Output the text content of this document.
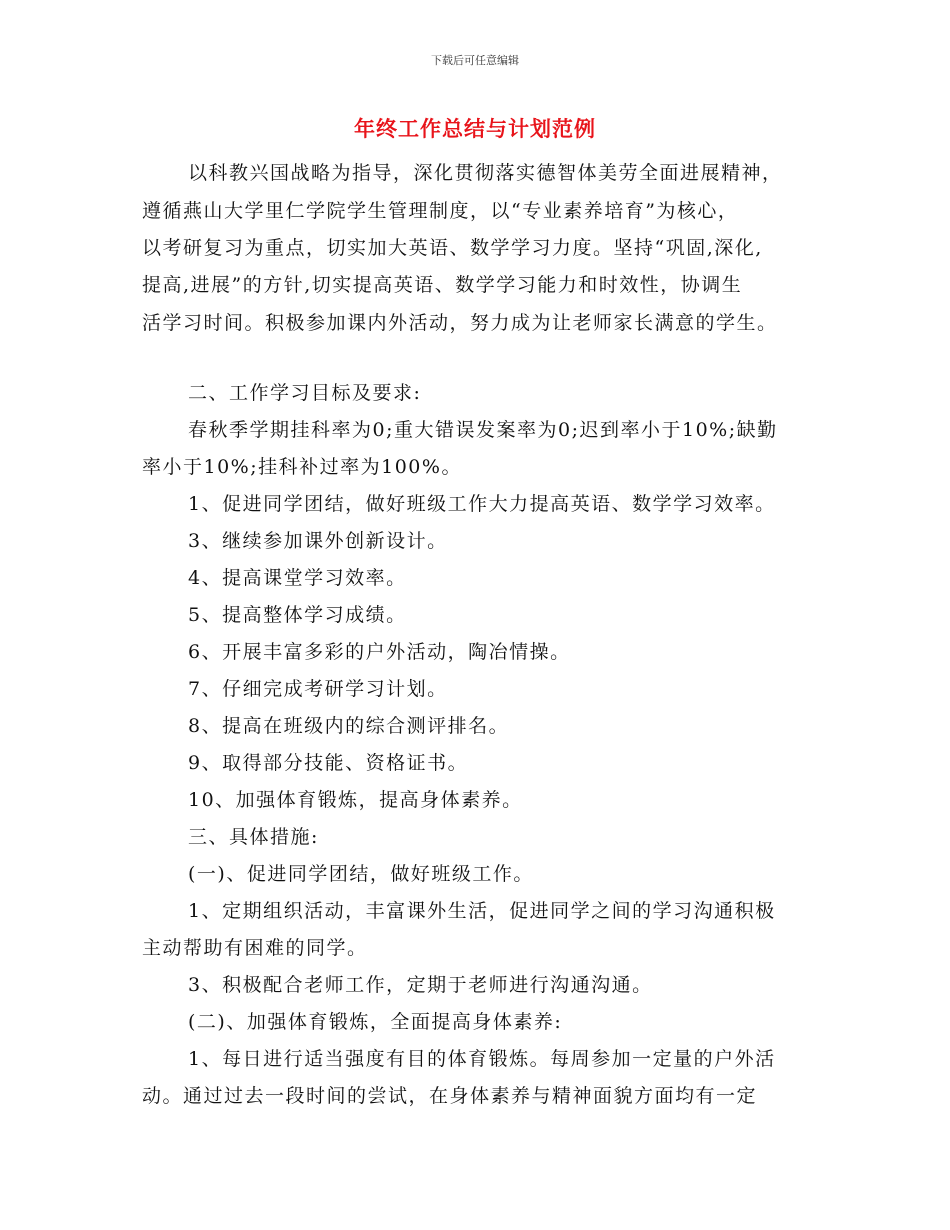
下载后可任意编辑
年终工作总结与计划范例
以科教兴国战略为指导，深化贯彻落实德智体美劳全面进展精神，
遵循燕山大学里仁学院学生管理制度，以“专业素养培育”为核心，
以考研复习为重点，切实加大英语、数学学习力度。坚持“巩固,深化,
提高,进展”的方针,切实提高英语、数学学习能力和时效性，协调生
活学习时间。积极参加课内外活动，努力成为让老师家长满意的学生。
二、工作学习目标及要求:
春秋季学期挂科率为0;重大错误发案率为0;迟到率小于10%;缺勤
率小于10%;挂科补过率为100%。
1、促进同学团结，做好班级工作大力提高英语、数学学习效率。
3、继续参加课外创新设计。
4、提高课堂学习效率。
5、提高整体学习成绩。
6、开展丰富多彩的户外活动，陶冶情操。
7、仔细完成考研学习计划。
8、提高在班级内的综合测评排名。
9、取得部分技能、资格证书。
10、加强体育锻炼，提高身体素养。
三、具体措施:
(一)、促进同学团结，做好班级工作。
1、定期组织活动，丰富课外生活，促进同学之间的学习沟通积极
主动帮助有困难的同学。
3、积极配合老师工作，定期于老师进行沟通沟通。
(二)、加强体育锻炼，全面提高身体素养:
1、每日进行适当强度有目的体育锻炼。每周参加一定量的户外活
动。通过过去一段时间的尝试，在身体素养与精神面貌方面均有一定
